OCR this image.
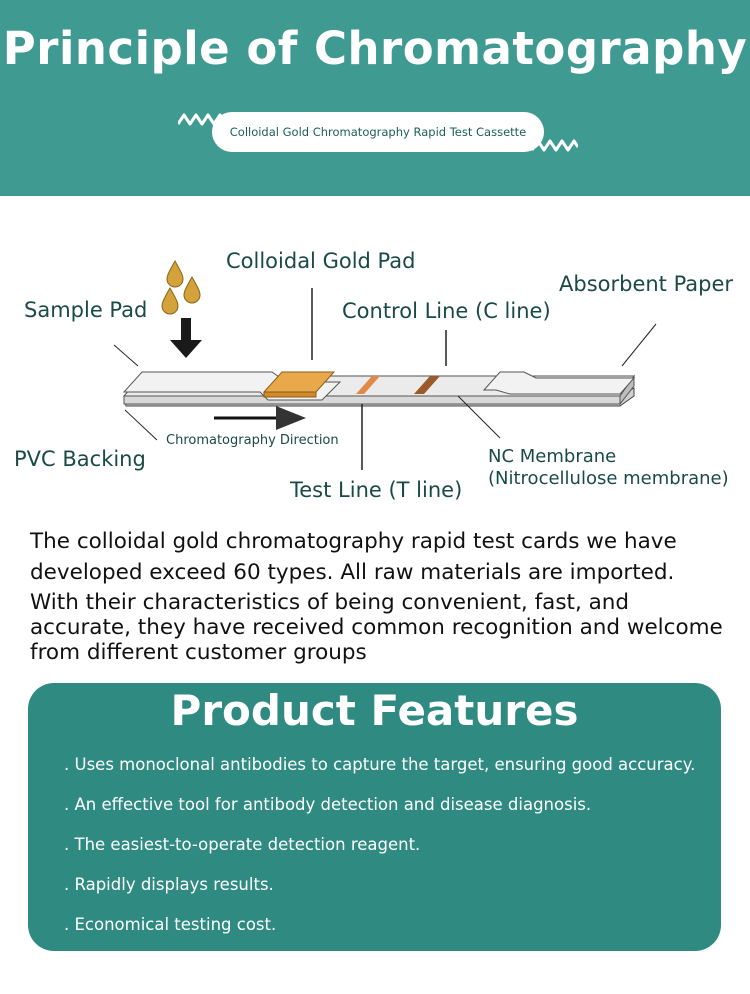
Principle of Chromatography
Colloidal Gold Chromatography Rapid Test Cassette
Colloidal Gold Pad
Absorbent Paper
Sample Pad	Control Line (C line)
PVC Backing
Chromatography Direction
NC Membrane
(Nitrocellulose membrane)
Test Line (T line)
The colloidal gold chromatography rapid test cards we have developed exceed 60 types. All raw materials are imported.
With their characteristics of being convenient, fast, and accurate, they have received common recognition and welcome from different customer groups
Product Features
. Uses monoclonal antibodies to capture the target, ensuring good accuracy.
. An effective tool for antibody detection and disease diagnosis.
. The easiest-to-operate detection reagent.
. Rapidly displays results.
. Economical testing cost.
